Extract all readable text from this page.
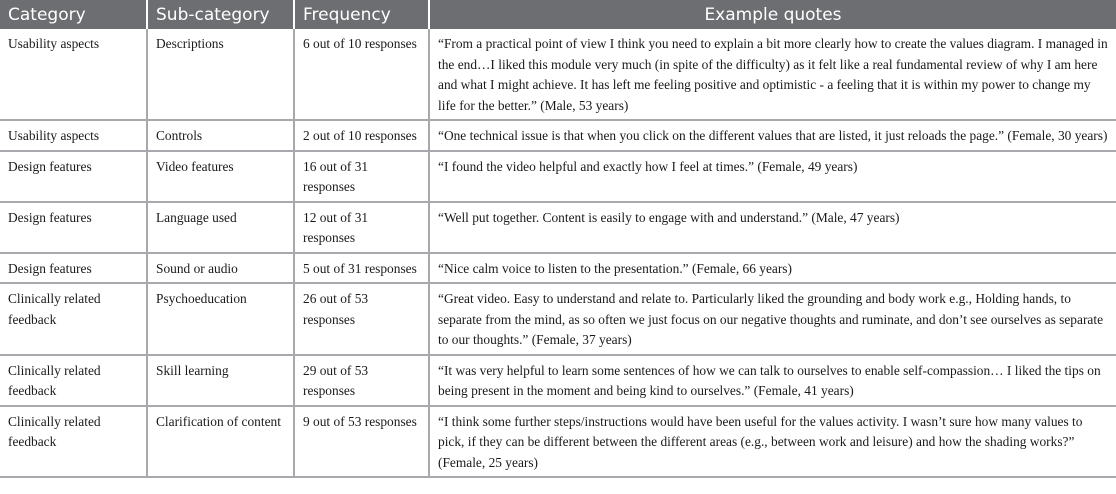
Category	Sub-category	Frequency	Example quotes
Usability aspects	Descriptions	6 out of 10 responses	“From a practical point of view I think you need to explain a bit more clearly how to create the values diagram. I managed in the end…I liked this module very much (in spite of the difficulty) as it felt like a real fundamental review of why I am here and what I might achieve. It has left me feeling positive and optimistic - a feeling that it is within my power to change my life for the better.” (Male, 53 years)
Usability aspects	Controls	2 out of 10 responses	“One technical issue is that when you click on the different values that are listed, it just reloads the page.” (Female, 30 years)
Design features	Video features	16 out of 31 responses	“I found the video helpful and exactly how I feel at times.” (Female, 49 years)
Design features	Language used	12 out of 31 responses	“Well put together. Content is easily to engage with and understand.” (Male, 47 years)
Design features	Sound or audio	5 out of 31 responses	“Nice calm voice to listen to the presentation.” (Female, 66 years)
Clinically related feedback	Psychoeducation	26 out of 53 responses	“Great video. Easy to understand and relate to. Particularly liked the grounding and body work e.g., Holding hands, to separate from the mind, as so often we just focus on our negative thoughts and ruminate, and don’t see ourselves as separate to our thoughts.” (Female, 37 years)
Clinically related feedback	Skill learning	29 out of 53 responses	“It was very helpful to learn some sentences of how we can talk to ourselves to enable self-compassion… I liked the tips on being present in the moment and being kind to ourselves.” (Female, 41 years)
Clinically related feedback	Clarification of content	9 out of 53 responses	“I think some further steps/instructions would have been useful for the values activity. I wasn’t sure how many values to pick, if they can be different between the different areas (e.g., between work and leisure) and how the shading works?” (Female, 25 years)
